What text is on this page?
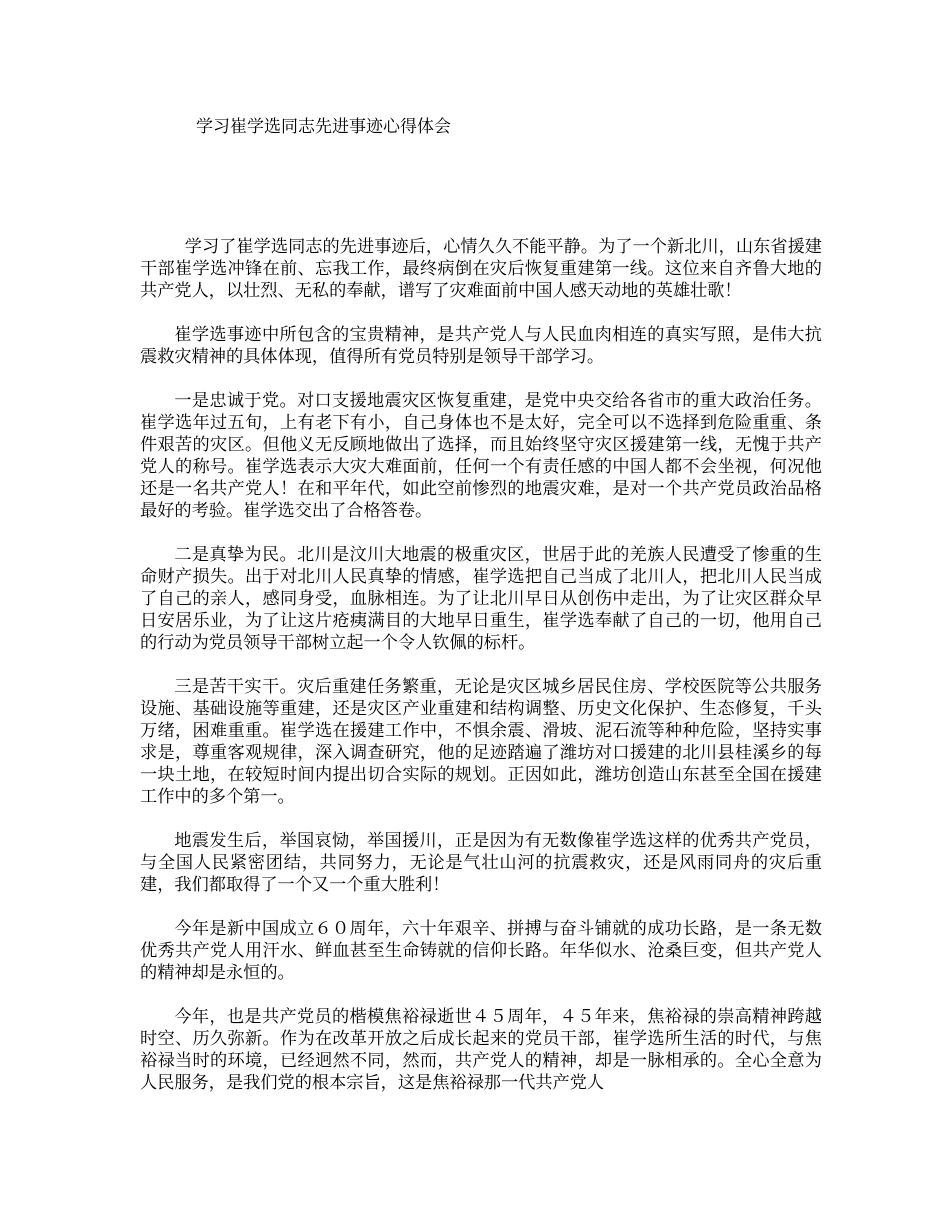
学习崔学选同志先进事迹心得体会

学习了崔学选同志的先进事迹后，心情久久不能平静。为了一个新北川，山东省援建干部崔学选冲锋在前、忘我工作，最终病倒在灾后恢复重建第一线。这位来自齐鲁大地的共产党人，以壮烈、无私的奉献，谱写了灾难面前中国人感天动地的英雄壮歌！

崔学选事迹中所包含的宝贵精神，是共产党人与人民血肉相连的真实写照，是伟大抗震救灾精神的具体体现，值得所有党员特别是领导干部学习。

一是忠诚于党。对口支援地震灾区恢复重建，是党中央交给各省市的重大政治任务。崔学选年过五旬，上有老下有小，自己身体也不是太好，完全可以不选择到危险重重、条件艰苦的灾区。但他义无反顾地做出了选择，而且始终坚守灾区援建第一线，无愧于共产党人的称号。崔学选表示大灾大难面前，任何一个有责任感的中国人都不会坐视，何况他还是一名共产党人！在和平年代，如此空前惨烈的地震灾难，是对一个共产党员政治品格最好的考验。崔学选交出了合格答卷。

二是真挚为民。北川是汶川大地震的极重灾区，世居于此的羌族人民遭受了惨重的生命财产损失。出于对北川人民真挚的情感，崔学选把自己当成了北川人，把北川人民当成了自己的亲人，感同身受，血脉相连。为了让北川早日从创伤中走出，为了让灾区群众早日安居乐业，为了让这片疮痍满目的大地早日重生，崔学选奉献了自己的一切，他用自己的行动为党员领导干部树立起一个令人钦佩的标杆。

三是苦干实干。灾后重建任务繁重，无论是灾区城乡居民住房、学校医院等公共服务设施、基础设施等重建，还是灾区产业重建和结构调整、历史文化保护、生态修复，千头万绪，困难重重。崔学选在援建工作中，不惧余震、滑坡、泥石流等种种危险，坚持实事求是，尊重客观规律，深入调查研究，他的足迹踏遍了潍坊对口援建的北川县桂溪乡的每一块土地，在较短时间内提出切合实际的规划。正因如此，潍坊创造山东甚至全国在援建工作中的多个第一。

地震发生后，举国哀恸，举国援川，正是因为有无数像崔学选这样的优秀共产党员，与全国人民紧密团结，共同努力，无论是气壮山河的抗震救灾，还是风雨同舟的灾后重建，我们都取得了一个又一个重大胜利！

今年是新中国成立６０周年，六十年艰辛、拼搏与奋斗铺就的成功长路，是一条无数优秀共产党人用汗水、鲜血甚至生命铸就的信仰长路。年华似水、沧桑巨变，但共产党人的精神却是永恒的。

今年，也是共产党员的楷模焦裕禄逝世４５周年，４５年来，焦裕禄的崇高精神跨越时空、历久弥新。作为在改革开放之后成长起来的党员干部，崔学选所生活的时代，与焦裕禄当时的环境，已经迥然不同，然而，共产党人的精神，却是一脉相承的。全心全意为人民服务，是我们党的根本宗旨，这是焦裕禄那一代共产党人
